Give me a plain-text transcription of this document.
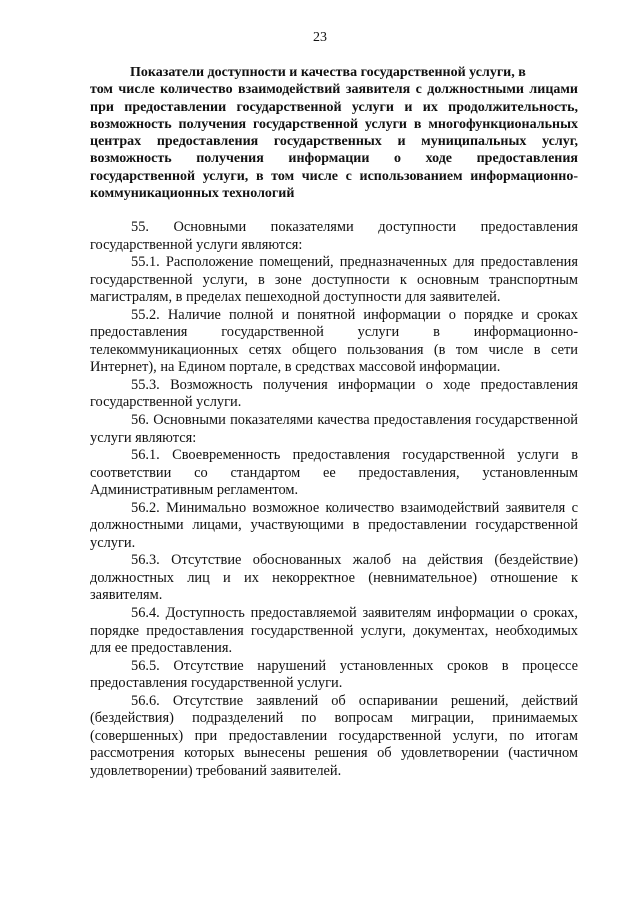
23
Показатели доступности и качества государственной услуги, в
том числе количество взаимодействий заявителя с должностными лицами при предоставлении государственной услуги и их продолжительность, возможность получения государственной услуги в многофункциональных центрах предоставления государственных и муниципальных услуг, возможность получения информации о ходе предоставления государственной услуги, в том числе с использованием информационно-коммуникационных технологий

55. Основными показателями доступности предоставления государственной услуги являются:

55.1. Расположение помещений, предназначенных для предоставления государственной услуги, в зоне доступности к основным транспортным магистралям, в пределах пешеходной доступности для заявителей.

55.2. Наличие полной и понятной информации о порядке и сроках предоставления государственной услуги в информационно-телекоммуникационных сетях общего пользования (в том числе в сети Интернет), на Едином портале, в средствах массовой информации.

55.3. Возможность получения информации о ходе предоставления государственной услуги.

56. Основными показателями качества предоставления государственной услуги являются:

56.1. Своевременность предоставления государственной услуги в соответствии со стандартом ее предоставления, установленным Административным регламентом.

56.2. Минимально возможное количество взаимодействий заявителя с должностными лицами, участвующими в предоставлении государственной услуги.

56.3. Отсутствие обоснованных жалоб на действия (бездействие) должностных лиц и их некорректное (невнимательное) отношение к заявителям.

56.4. Доступность предоставляемой заявителям информации о сроках, порядке предоставления государственной услуги, документах, необходимых для ее предоставления.

56.5. Отсутствие нарушений установленных сроков в процессе предоставления государственной услуги.

56.6. Отсутствие заявлений об оспаривании решений, действий (бездействия) подразделений по вопросам миграции, принимаемых (совершенных) при предоставлении государственной услуги, по итогам рассмотрения которых вынесены решения об удовлетворении (частичном удовлетворении) требований заявителей.
